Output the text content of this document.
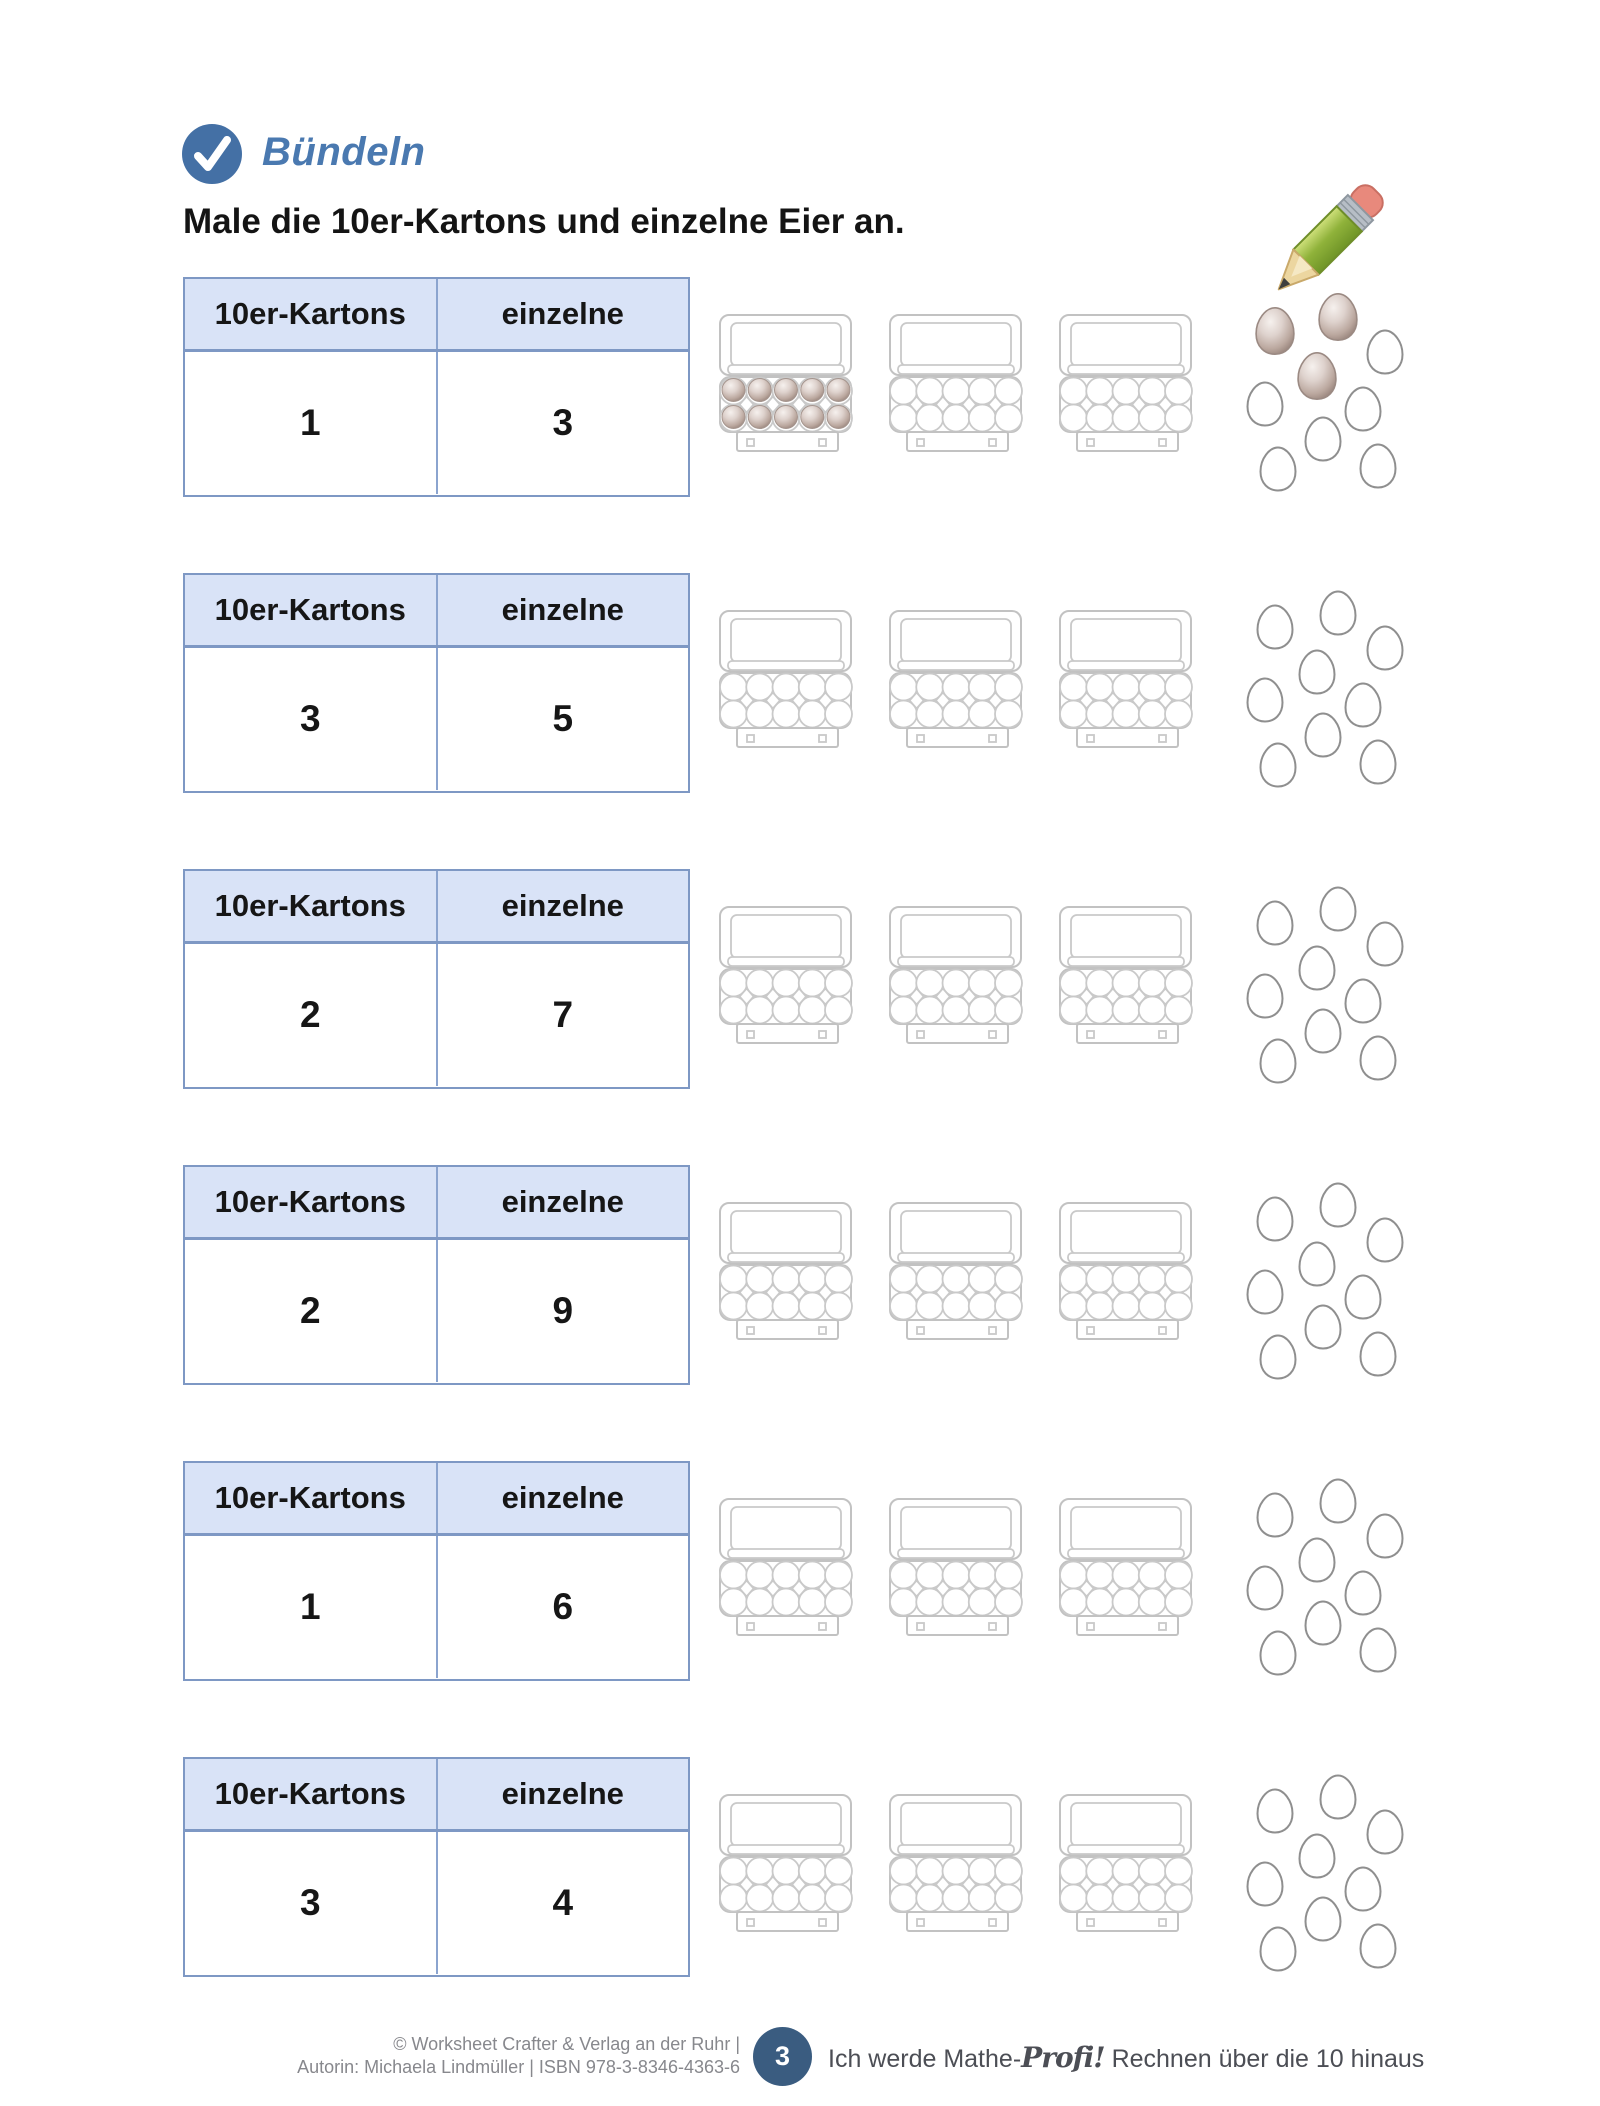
Bündeln
Male die 10er-Kartons und einzelne Eier an.
10er-Kartons	einzelne
1	3
10er-Kartons	einzelne
3	5
10er-Kartons	einzelne
2	7
10er-Kartons	einzelne
2	9
10er-Kartons	einzelne
1	6
10er-Kartons	einzelne
3	4
© Worksheet Crafter & Verlag an der Ruhr |
Autorin: Michaela Lindmüller | ISBN 978-3-8346-4363-6 3 Ich werde Mathe-Profi! Rechnen über die 10 hinaus
